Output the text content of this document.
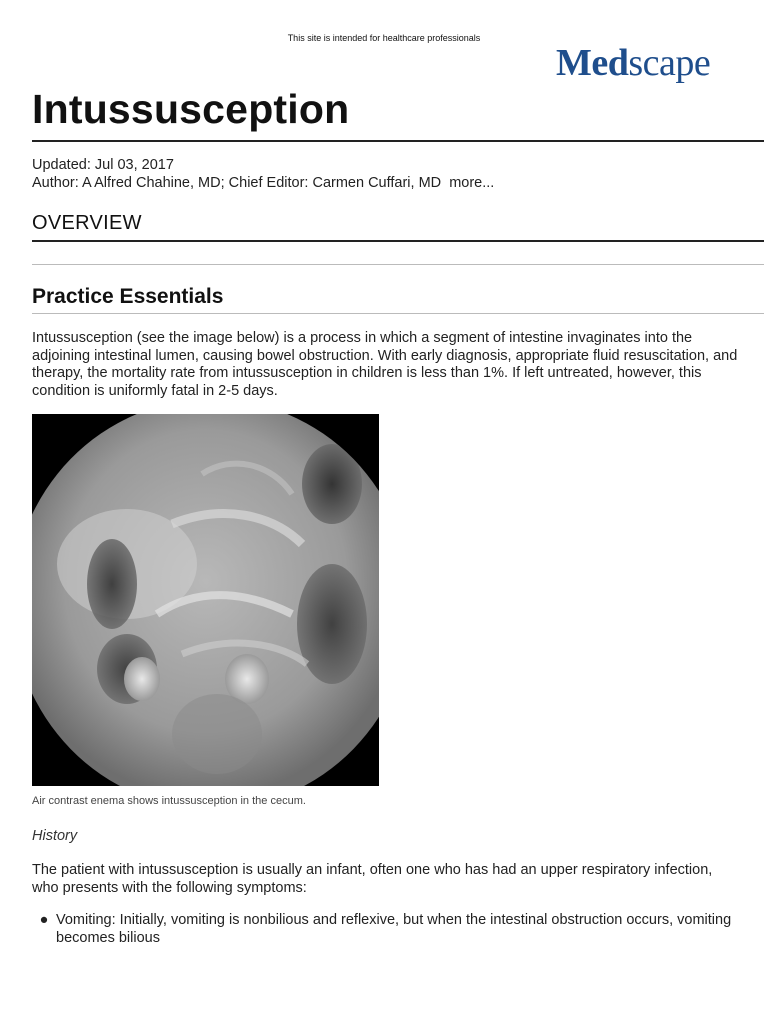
This site is intended for healthcare professionals
Medscape
Intussusception
Updated: Jul 03, 2017
Author: A Alfred Chahine, MD; Chief Editor: Carmen Cuffari, MD more...
OVERVIEW
Practice Essentials

Intussusception (see the image below) is a process in which a segment of intestine invaginates into the adjoining intestinal lumen, causing bowel obstruction. With early diagnosis, appropriate fluid resuscitation, and therapy, the mortality rate from intussusception in children is less than 1%. If left untreated, however, this condition is uniformly fatal in 2-5 days.

Air contrast enema shows intussusception in the cecum.
History

The patient with intussusception is usually an infant, often one who has had an upper respiratory infection, who presents with the following symptoms:

● Vomiting: Initially, vomiting is nonbilious and reflexive, but when the intestinal obstruction occurs, vomiting becomes bilious
